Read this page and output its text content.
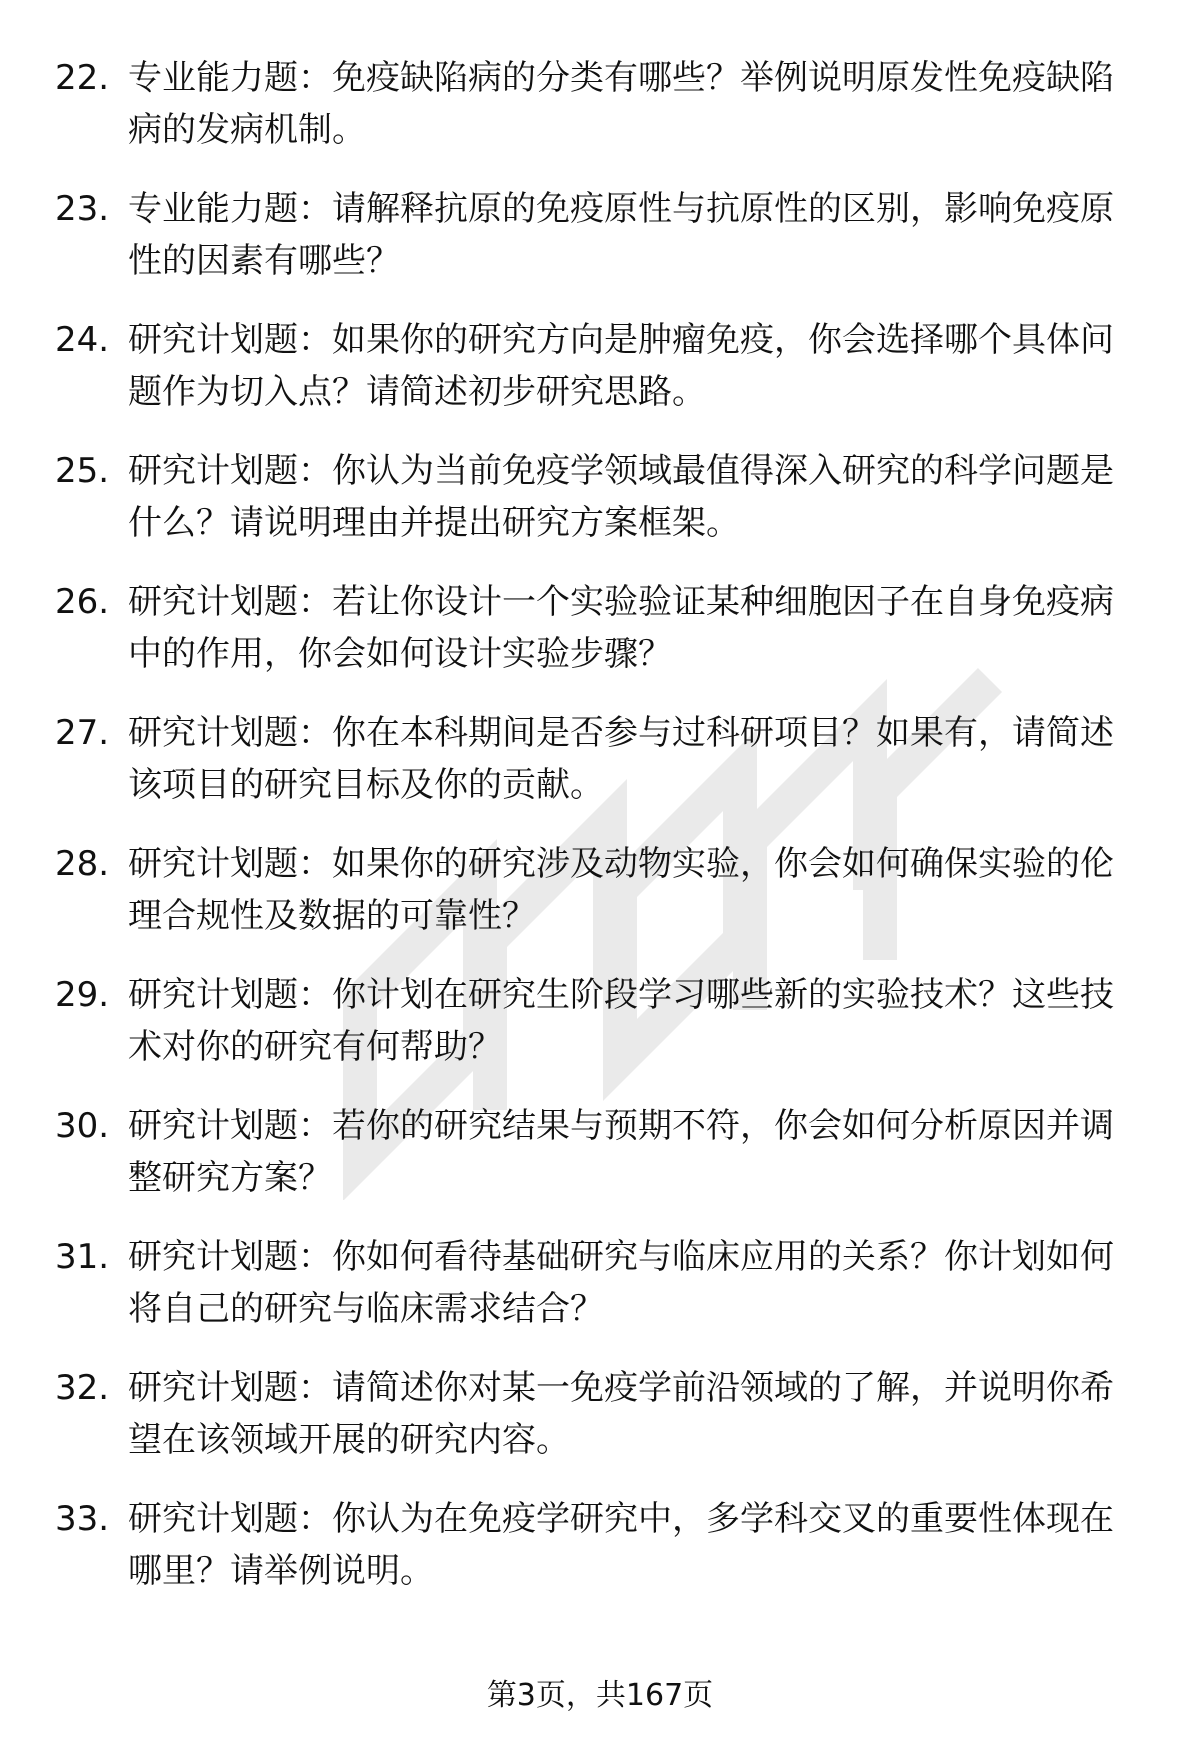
22. 专业能力题：免疫缺陷病的分类有哪些？举例说明原发性免疫缺陷病的发病机制。

23. 专业能力题：请解释抗原的免疫原性与抗原性的区别，影响免疫原性的因素有哪些？

24. 研究计划题：如果你的研究方向是肿瘤免疫，你会选择哪个具体问题作为切入点？请简述初步研究思路。

25. 研究计划题：你认为当前免疫学领域最值得深入研究的科学问题是什么？请说明理由并提出研究方案框架。

26. 研究计划题：若让你设计一个实验验证某种细胞因子在自身免疫病中的作用，你会如何设计实验步骤？

27. 研究计划题：你在本科期间是否参与过科研项目？如果有，请简述该项目的研究目标及你的贡献。

28. 研究计划题：如果你的研究涉及动物实验，你会如何确保实验的伦理合规性及数据的可靠性？

29. 研究计划题：你计划在研究生阶段学习哪些新的实验技术？这些技术对你的研究有何帮助？

30. 研究计划题：若你的研究结果与预期不符，你会如何分析原因并调整研究方案？

31. 研究计划题：你如何看待基础研究与临床应用的关系？你计划如何将自己的研究与临床需求结合？

32. 研究计划题：请简述你对某一免疫学前沿领域的了解，并说明你希望在该领域开展的研究内容。

33. 研究计划题：你认为在免疫学研究中，多学科交叉的重要性体现在哪里？请举例说明。

第3页，共167页
